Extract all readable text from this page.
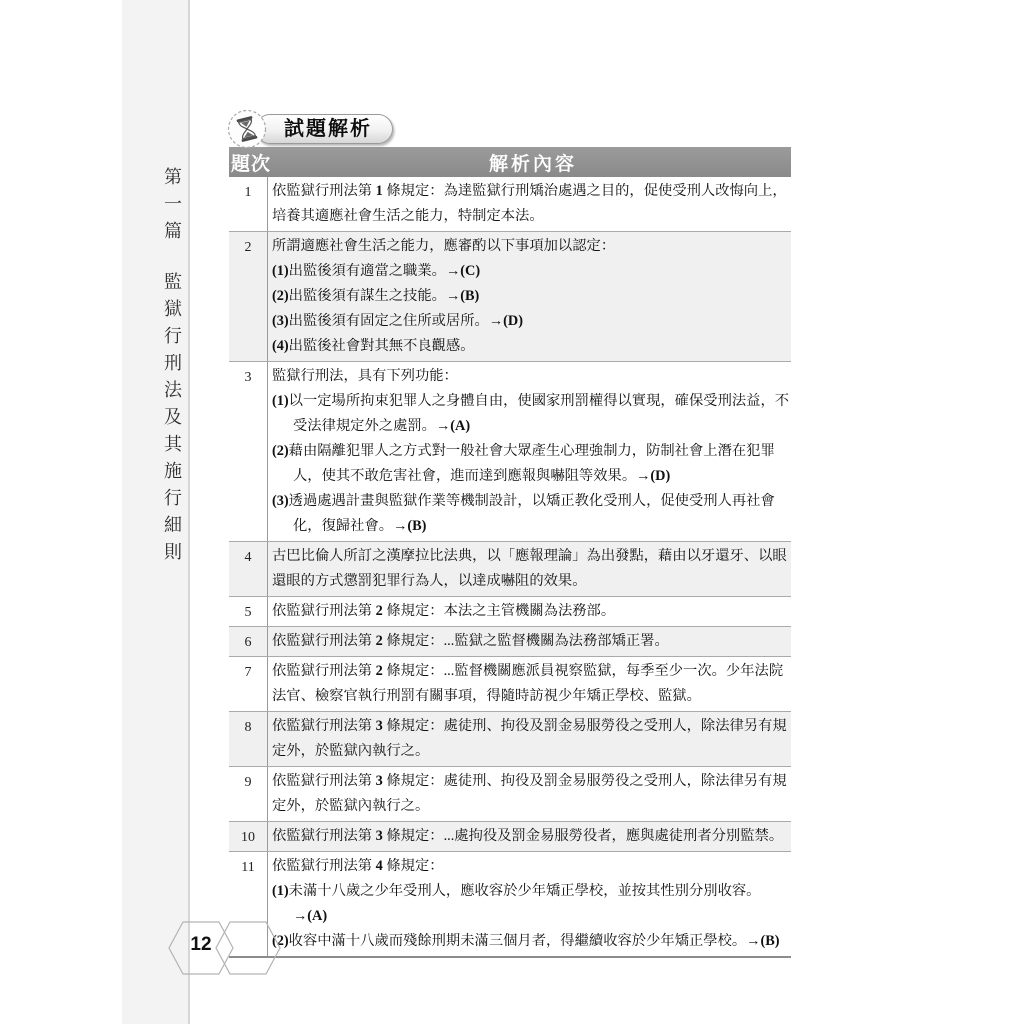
第一篇監獄行刑法及其施行細則
試題解析
題次	解析內容
1	依監獄行刑法第 1 條規定：為達監獄行刑矯治處遇之目的，促使受刑人改悔向上，
培養其適應社會生活之能力，特制定本法。
2	所謂適應社會生活之能力，應審酌以下事項加以認定：
(1)出監後須有適當之職業。→(C)
(2)出監後須有謀生之技能。→(B)
(3)出監後須有固定之住所或居所。→(D)
(4)出監後社會對其無不良觀感。
3	監獄行刑法，具有下列功能：
(1)以一定場所拘束犯罪人之身體自由，使國家刑罰權得以實現，確保受刑法益，不
受法律規定外之處罰。→(A)
(2)藉由隔離犯罪人之方式對一般社會大眾產生心理強制力，防制社會上潛在犯罪
人，使其不敢危害社會，進而達到應報與嚇阻等效果。→(D)
(3)透過處遇計畫與監獄作業等機制設計，以矯正教化受刑人，促使受刑人再社會
化，復歸社會。→(B)
4	古巴比倫人所訂之漢摩拉比法典，以「應報理論」為出發點，藉由以牙還牙、以眼
還眼的方式懲罰犯罪行為人，以達成嚇阻的效果。
5	依監獄行刑法第 2 條規定：本法之主管機關為法務部。
6	依監獄行刑法第 2 條規定：...監獄之監督機關為法務部矯正署。
7	依監獄行刑法第 2 條規定：...監督機關應派員視察監獄，每季至少一次。少年法院
法官、檢察官執行刑罰有關事項，得隨時訪視少年矯正學校、監獄。
8	依監獄行刑法第 3 條規定：處徒刑、拘役及罰金易服勞役之受刑人，除法律另有規
定外，於監獄內執行之。
9	依監獄行刑法第 3 條規定：處徒刑、拘役及罰金易服勞役之受刑人，除法律另有規
定外，於監獄內執行之。
10	依監獄行刑法第 3 條規定：...處拘役及罰金易服勞役者，應與處徒刑者分別監禁。
11	依監獄行刑法第 4 條規定：
(1)未滿十八歲之少年受刑人，應收容於少年矯正學校，並按其性別分別收容。
→(A)
(2)收容中滿十八歲而殘餘刑期未滿三個月者，得繼續收容於少年矯正學校。→(B)
12
